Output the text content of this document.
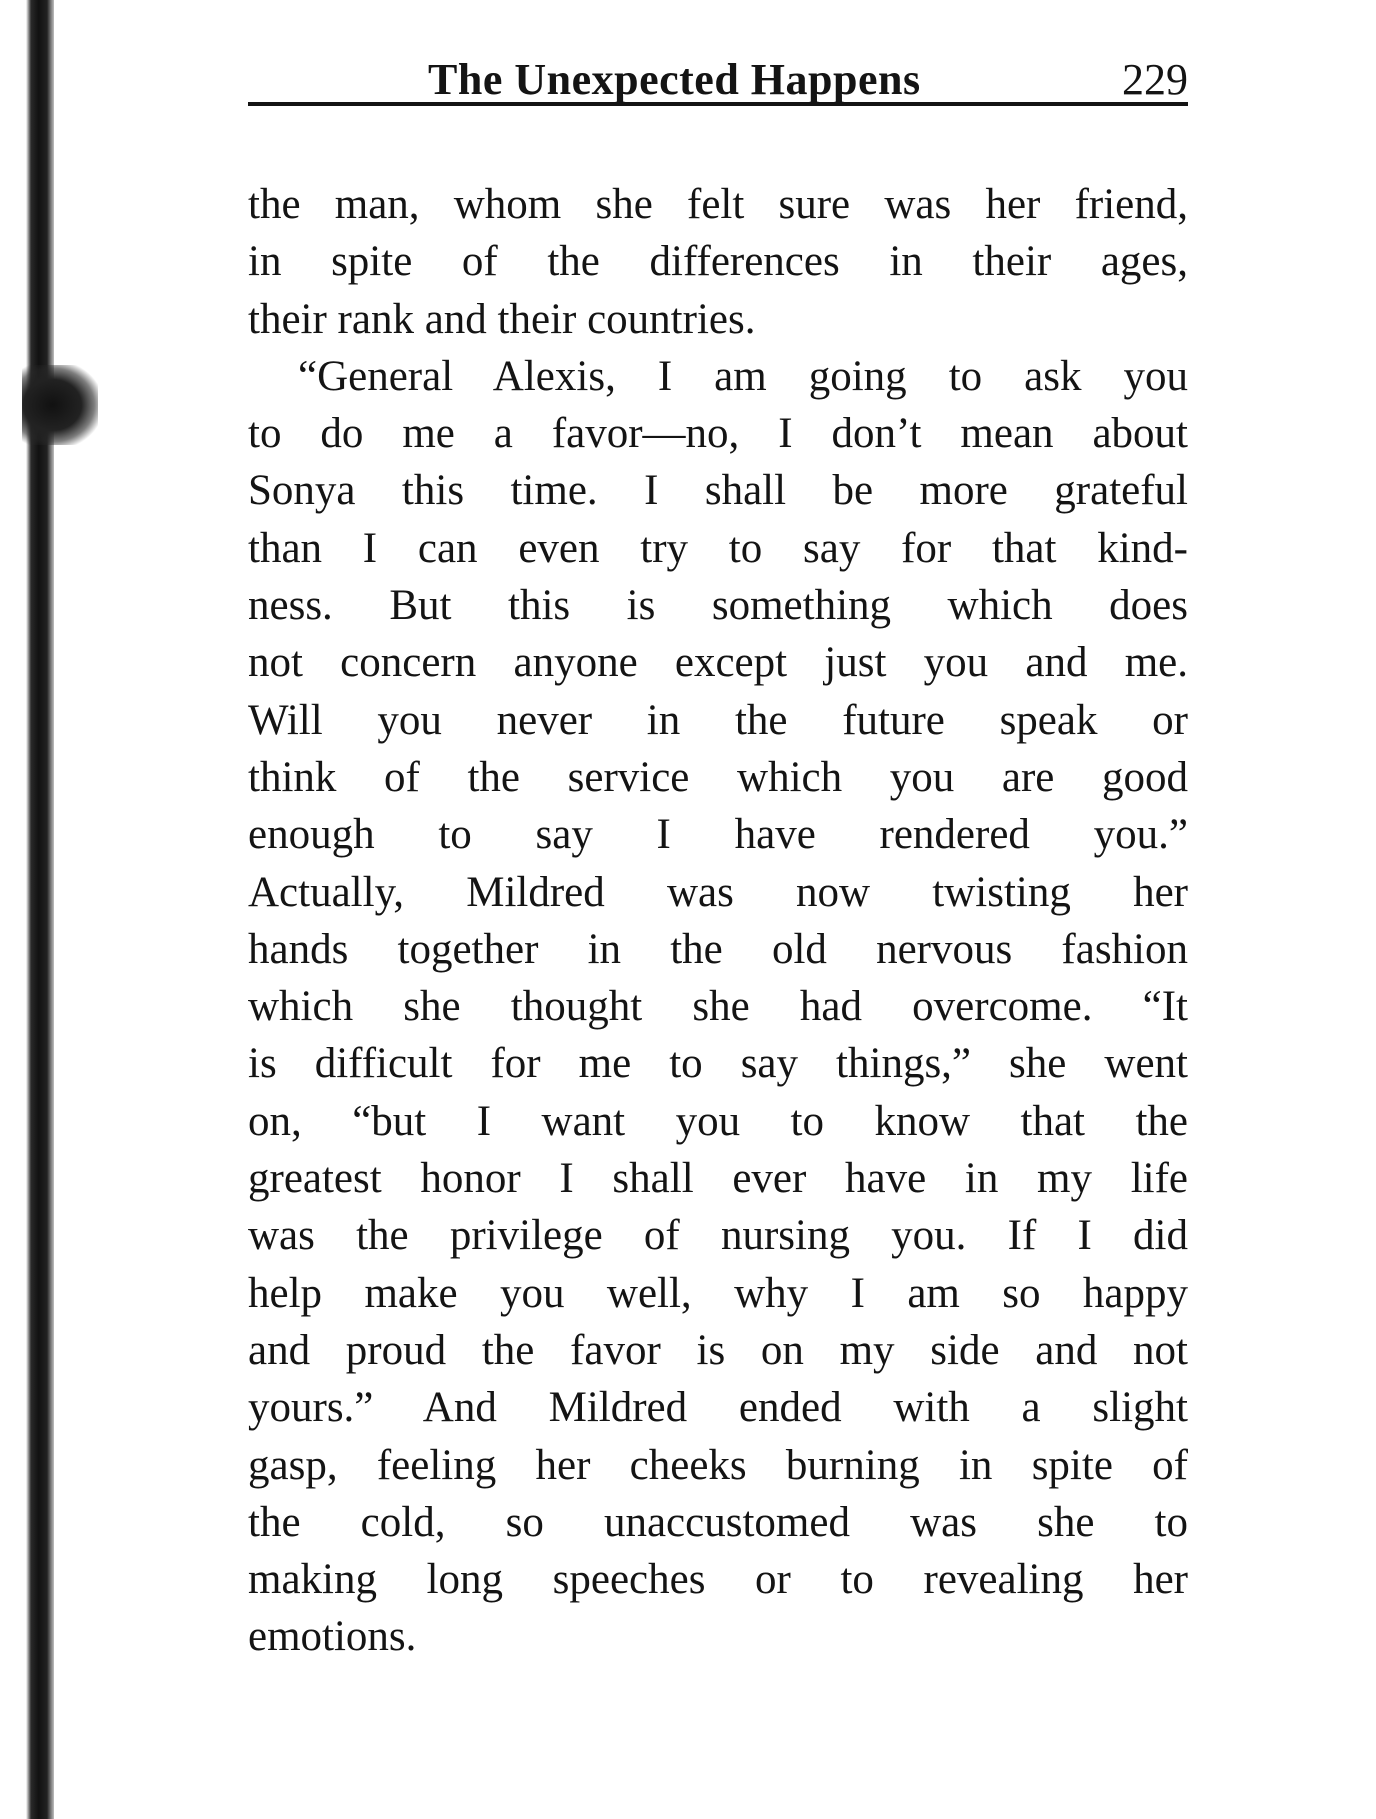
The Unexpected Happens	229
the man, whom she felt sure was her friend,
in spite of the differences in their ages,
their rank and their countries.
“General Alexis, I am going to ask you
to do me a favor—no, I don’t mean about
Sonya this time. I shall be more grateful
than I can even try to say for that kind-
ness. But this is something which does
not concern anyone except just you and me.
Will you never in the future speak or
think of the service which you are good
enough to say I have rendered you.”
Actually, Mildred was now twisting her
hands together in the old nervous fashion
which she thought she had overcome. “It
is difficult for me to say things,” she went
on, “but I want you to know that the
greatest honor I shall ever have in my life
was the privilege of nursing you. If I did
help make you well, why I am so happy
and proud the favor is on my side and not
yours.” And Mildred ended with a slight
gasp, feeling her cheeks burning in spite of
the cold, so unaccustomed was she to
making long speeches or to revealing her
emotions.
